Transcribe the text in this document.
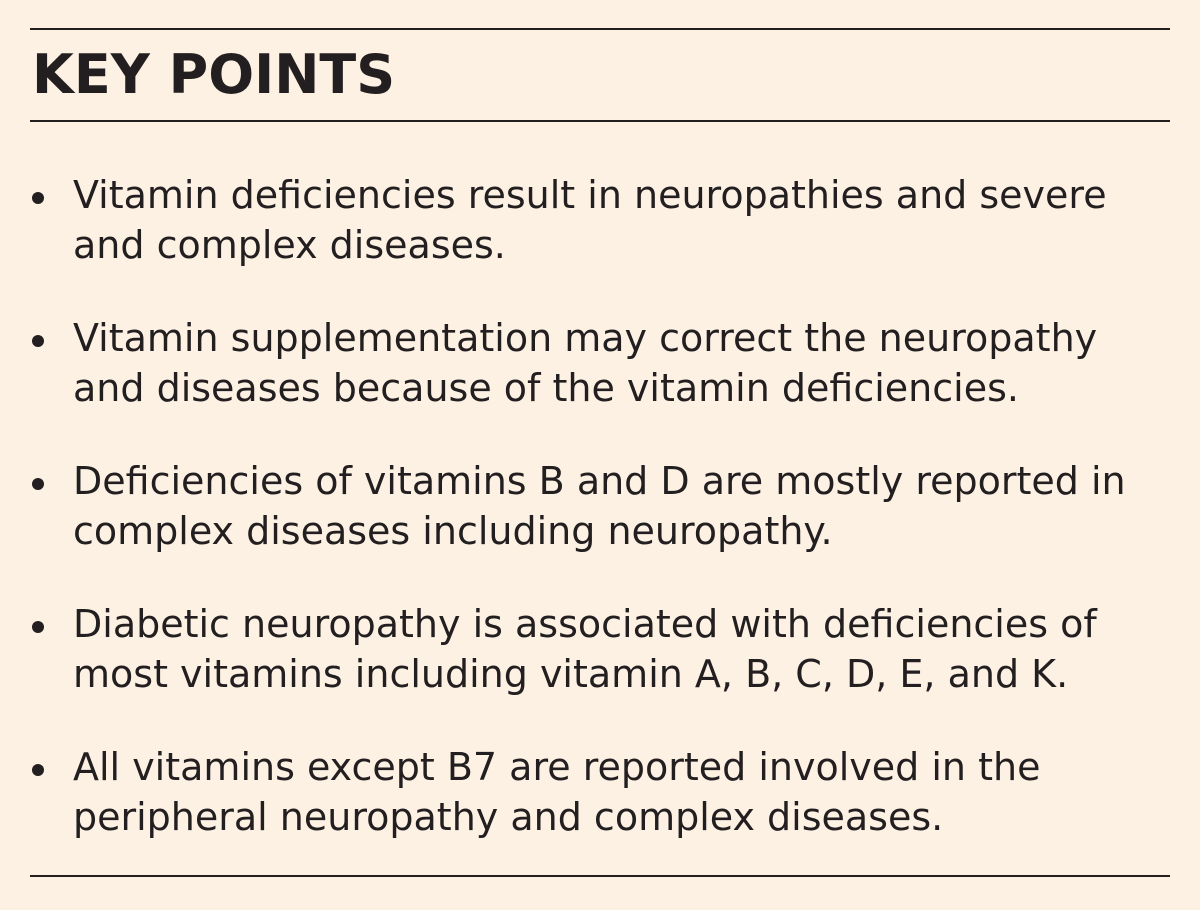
KEY POINTS
Vitamin deficiencies result in neuropathies and severe and complex diseases.
Vitamin supplementation may correct the neuropathy and diseases because of the vitamin deficiencies.
Deficiencies of vitamins B and D are mostly reported in complex diseases including neuropathy.
Diabetic neuropathy is associated with deficiencies of most vitamins including vitamin A, B, C, D, E, and K.
All vitamins except B7 are reported involved in the peripheral neuropathy and complex diseases.
